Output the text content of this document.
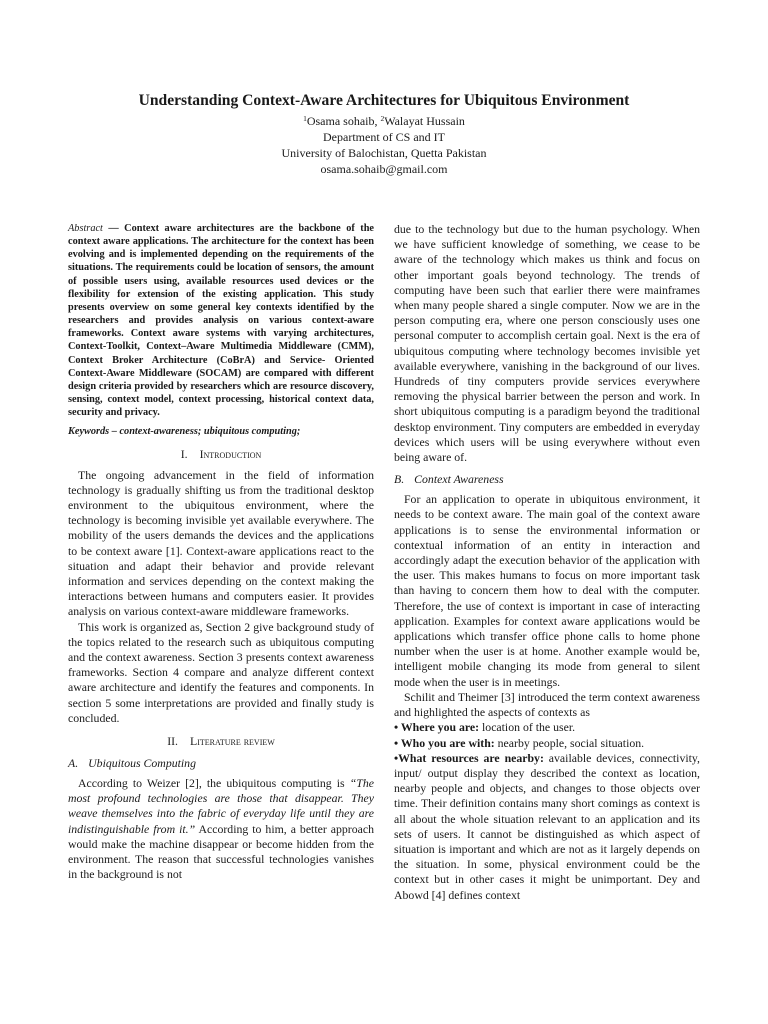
Understanding Context-Aware Architectures for Ubiquitous Environment
$^1$Osama sohaib, $^2$Walayat Hussain
Department of CS and IT
University of Balochistan, Quetta Pakistan
osama.sohaib@gmail.com

Abstract — Context aware architectures are the backbone of the context aware applications. The architecture for the context has been evolving and is implemented depending on the requirements of the situations. The requirements could be location of sensors, the amount of possible users using, available resources used devices or the flexibility for extension of the existing application. This study presents overview on some general key contexts identified by the researchers and provides analysis on various context-aware frameworks. Context aware systems with varying architectures, Context-Toolkit, Context–Aware Multimedia Middleware (CMM), Context Broker Architecture (CoBrA) and Service- Oriented Context-Aware Middleware (SOCAM) are compared with different design criteria provided by researchers which are resource discovery, sensing, context model, context processing, historical context data, security and privacy.

Keywords – context-awareness; ubiquitous computing;

I. Introduction

The ongoing advancement in the field of information technology is gradually shifting us from the traditional desktop environment to the ubiquitous environment, where the technology is becoming invisible yet available everywhere. The mobility of the users demands the devices and the applications to be context aware [1]. Context-aware applications react to the situation and adapt their behavior and provide relevant information and services depending on the context making the interactions between humans and computers easier. It provides analysis on various context-aware middleware frameworks.

This work is organized as, Section 2 give background study of the topics related to the research such as ubiquitous computing and the context awareness. Section 3 presents context awareness frameworks. Section 4 compare and analyze different context aware architecture and identify the features and components. In section 5 some interpretations are provided and finally study is concluded.

II. Literature review
A. Ubiquitous Computing

According to Weizer [2], the ubiquitous computing is “The most profound technologies are those that disappear. They weave themselves into the fabric of everyday life until they are indistinguishable from it.” According to him, a better approach would make the machine disappear or become hidden from the environment. The reason that successful technologies vanishes in the background is not

due to the technology but due to the human psychology. When we have sufficient knowledge of something, we cease to be aware of the technology which makes us think and focus on other important goals beyond technology. The trends of computing have been such that earlier there were mainframes when many people shared a single computer. Now we are in the person computing era, where one person consciously uses one personal computer to accomplish certain goal. Next is the era of ubiquitous computing where technology becomes invisible yet available everywhere, vanishing in the background of our lives. Hundreds of tiny computers provide services everywhere removing the physical barrier between the person and work. In short ubiquitous computing is a paradigm beyond the traditional desktop environment. Tiny computers are embedded in everyday devices which users will be using everywhere without even being aware of.

B. Context Awareness

For an application to operate in ubiquitous environment, it needs to be context aware. The main goal of the context aware applications is to sense the environmental information or contextual information of an entity in interaction and accordingly adapt the execution behavior of the application with the user. This makes humans to focus on more important task than having to concern them how to deal with the computer. Therefore, the use of context is important in case of interacting application. Examples for context aware applications would be applications which transfer office phone calls to home phone number when the user is at home. Another example would be, intelligent mobile changing its mode from general to silent mode when the user is in meetings.

Schilit and Theimer [3] introduced the term context awareness and highlighted the aspects of contexts as

• Where you are: location of the user.

• Who you are with: nearby people, social situation.

•What resources are nearby: available devices, connectivity, input/ output display they described the context as location, nearby people and objects, and changes to those objects over time. Their definition contains many short comings as context is all about the whole situation relevant to an application and its sets of users. It cannot be distinguished as which aspect of situation is important and which are not as it largely depends on the situation. In some, physical environment could be the context but in other cases it might be unimportant. Dey and Abowd [4] defines context
